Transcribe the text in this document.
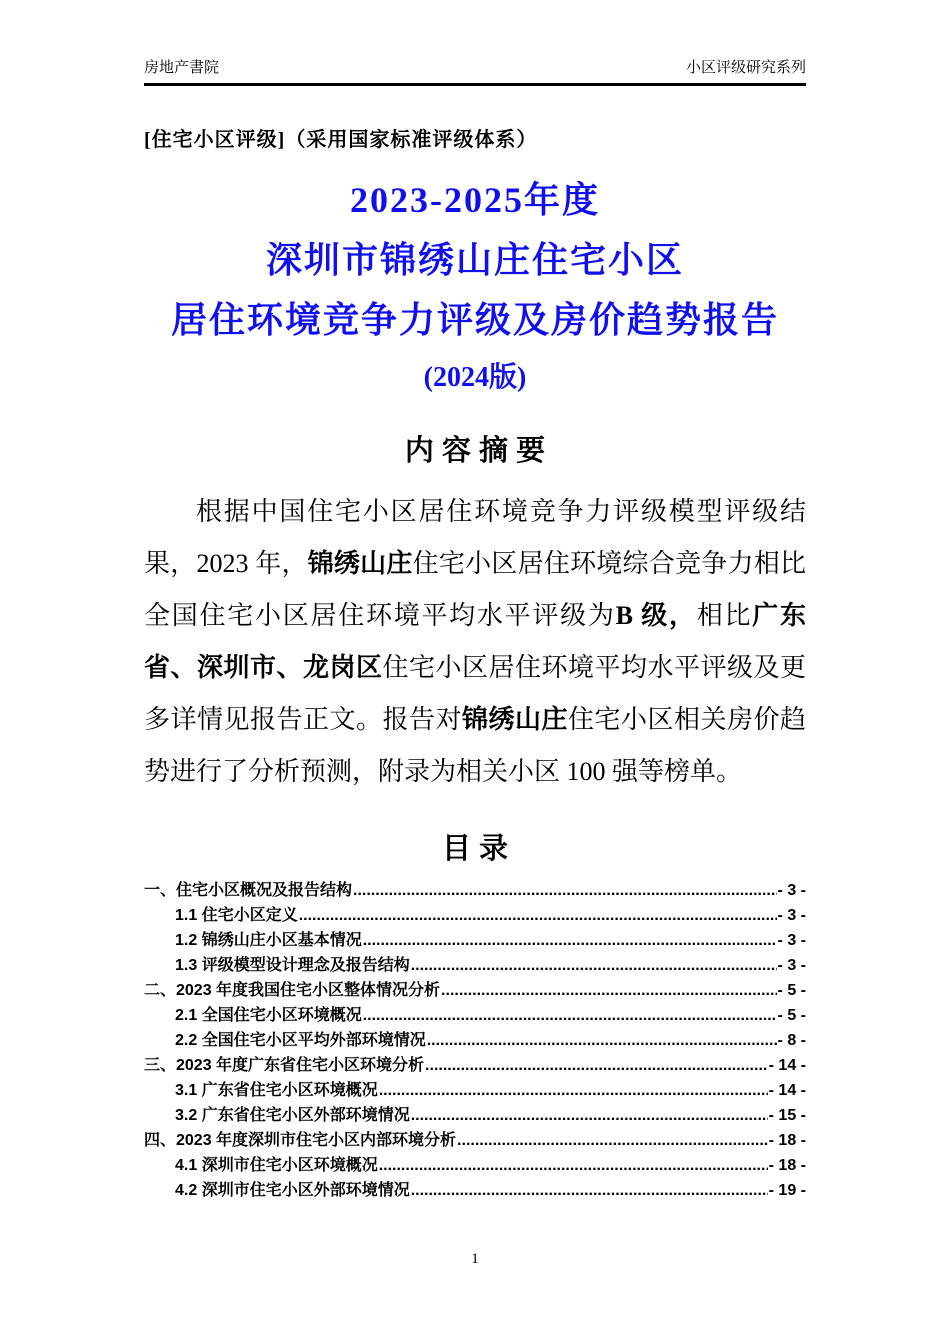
房地产書院	小区评级研究系列
[住宅小区评级]（采用国家标准评级体系）
2023-2025年度
深圳市锦绣山庄住宅小区
居住环境竞争力评级及房价趋势报告
(2024版)
内 容 摘 要

根据中国住宅小区居住环境竞争力评级模型评级结果，2023 年，锦绣山庄住宅小区居住环境综合竞争力相比全国住宅小区居住环境平均水平评级为B 级，相比广东省、深圳市、龙岗区住宅小区居住环境平均水平评级及更多详情见报告正文。报告对锦绣山庄住宅小区相关房价趋势进行了分析预测，附录为相关小区 100 强等榜单。

目 录
一、住宅小区概况及报告结构 .....	- 3 -
1.1 住宅小区定义 .....	- 3 -
1.2 锦绣山庄小区基本情况 .....	- 3 -
1.3 评级模型设计理念及报告结构 .....	- 3 -
二、2023 年度我国住宅小区整体情况分析 .....	- 5 -
2.1 全国住宅小区环境概况 .....	- 5 -
2.2 全国住宅小区平均外部环境情况 .....	- 8 -
三、2023 年度广东省住宅小区环境分析 .....	- 14 -
3.1 广东省住宅小区环境概况 .....	- 14 -
3.2 广东省住宅小区外部环境情况 .....	- 15 -
四、2023 年度深圳市住宅小区内部环境分析 .....	- 18 -
4.1 深圳市住宅小区环境概况 .....	- 18 -
4.2 深圳市住宅小区外部环境情况 .....	- 19 -
1
